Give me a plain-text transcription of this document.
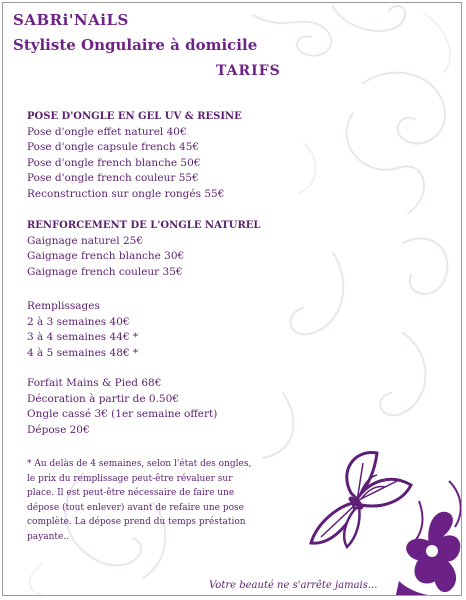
SABRi'NAiLS
Styliste Ongulaire à domicile
TARIFS
POSE D'ONGLE EN GEL UV & RESINE
Pose d'ongle effet naturel 40€
Pose d'ongle capsule french 45€
Pose d'ongle french blanche 50€
Pose d'ongle french couleur 55€
Reconstruction sur ongle rongés 55€
RENFORCEMENT DE L'ONGLE NATUREL
Gaignage naturel 25€
Gaignage french blanche 30€
Gaignage french couleur 35€
Remplissages
2 à 3 semaines 40€
3 à 4 semaines 44€ *
4 à 5 semaines 48€ *
Forfait Mains & Pied 68€
Décoration à partir de 0.50€
Ongle cassé 3€ (1er semaine offert)
Dépose 20€
* Au delàs de 4 semaines, selon l'état des ongles, le prix du remplissage peut-être révaluer sur place. Il est peut-être nécessaire de faire une dépose (tout enlever) avant de refaire une pose complète. La dépose prend du temps préstation payante..
Votre beauté ne s'arrête jamais...
